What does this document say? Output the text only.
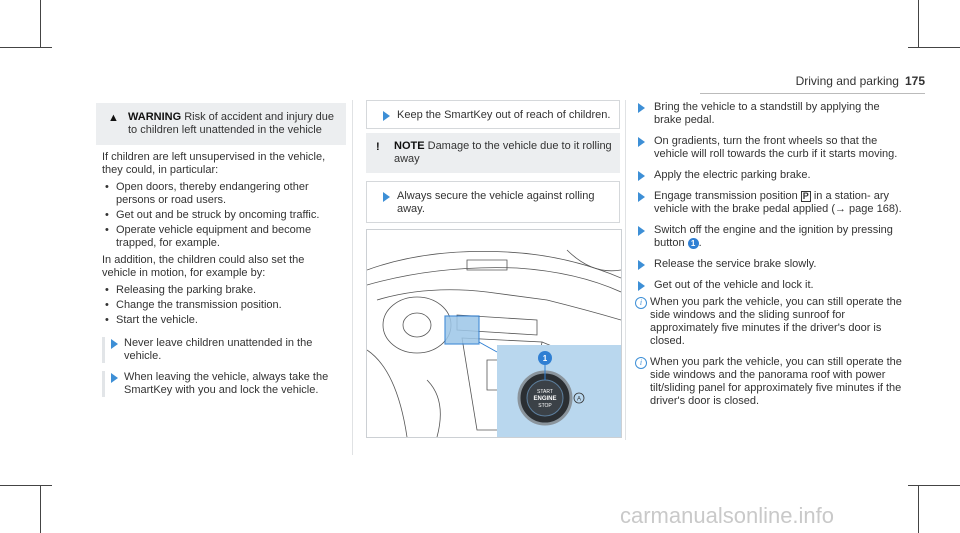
Driving and parking 175
▲ WARNING Risk of accident and injury due to children left unattended in the vehicle

If children are left unsupervised in the vehicle, they could, in particular:

• Open doors, thereby endangering other persons or road users.
• Get out and be struck by oncoming traffic.
• Operate vehicle equipment and become trapped, for example.

In addition, the children could also set the vehicle in motion, for example by:

• Releasing the parking brake.
• Change the transmission position.
• Start the vehicle.
Never leave children unattended in the vehicle.
When leaving the vehicle, always take the SmartKey with you and lock the vehicle.
Keep the SmartKey out of reach of children.
! NOTE Damage to the vehicle due to it rolling away
Always secure the vehicle against rolling away.
START
ENGINE
STOP
A
1
Bring the vehicle to a standstill by applying the brake pedal.
On gradients, turn the front wheels so that the vehicle will roll towards the curb if it starts moving.
Apply the electric parking brake.
Engage transmission position P in a station- ary vehicle with the brake pedal applied (→ page 168).
Switch off the engine and the ignition by pressing button 1 .
Release the service brake slowly.
Get out of the vehicle and lock it.
i When you park the vehicle, you can still operate the side windows and the sliding sunroof for approximately five minutes if the driver's door is closed.
i When you park the vehicle, you can still operate the side windows and the panorama roof with power tilt/sliding panel for approximately five minutes if the driver's door is closed.
carmanualsonline.info
